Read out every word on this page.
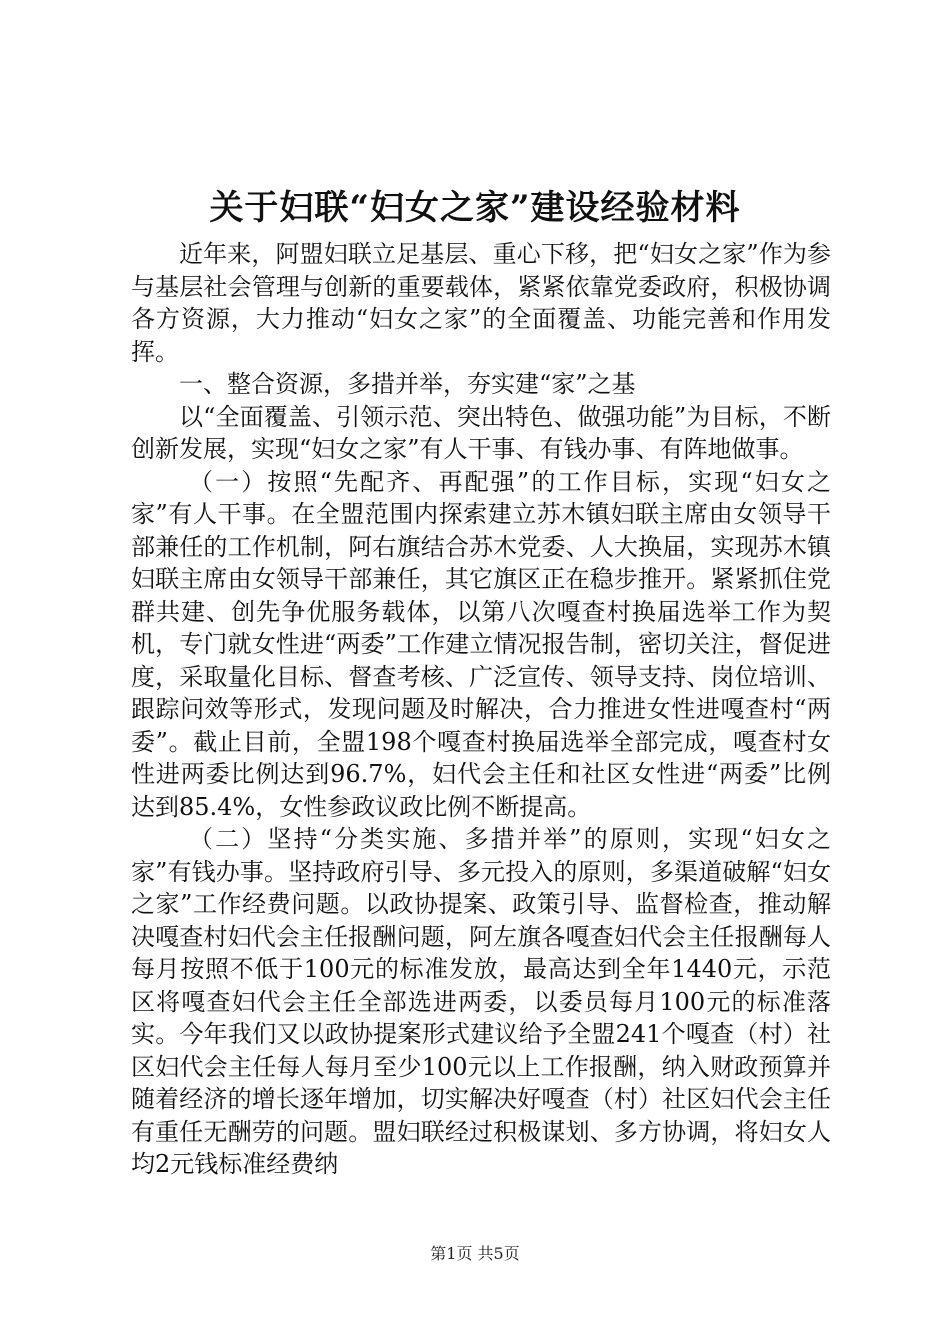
关于妇联“妇女之家”建设经验材料

近年来，阿盟妇联立足基层、重心下移，把“妇女之家”作为参与基层社会管理与创新的重要载体，紧紧依靠党委政府，积极协调各方资源，大力推动“妇女之家”的全面覆盖、功能完善和作用发挥。

一、整合资源，多措并举，夯实建“家”之基

以“全面覆盖、引领示范、突出特色、做强功能”为目标，不断创新发展，实现“妇女之家”有人干事、有钱办事、有阵地做事。

（一）按照“先配齐、再配强”的工作目标，实现“妇女之家”有人干事。在全盟范围内探索建立苏木镇妇联主席由女领导干部兼任的工作机制，阿右旗结合苏木党委、人大换届，实现苏木镇妇联主席由女领导干部兼任，其它旗区正在稳步推开。紧紧抓住党群共建、创先争优服务载体，以第八次嘎查村换届选举工作为契机，专门就女性进“两委”工作建立情况报告制，密切关注，督促进度，采取量化目标、督查考核、广泛宣传、领导支持、岗位培训、跟踪问效等形式，发现问题及时解决，合力推进女性进嘎查村“两委”。截止目前，全盟198个嘎查村换届选举全部完成，嘎查村女性进两委比例达到96.7%，妇代会主任和社区女性进“两委”比例达到85.4%，女性参政议政比例不断提高。

（二）坚持“分类实施、多措并举”的原则，实现“妇女之家”有钱办事。坚持政府引导、多元投入的原则，多渠道破解“妇女之家”工作经费问题。以政协提案、政策引导、监督检查，推动解决嘎查村妇代会主任报酬问题，阿左旗各嘎查妇代会主任报酬每人每月按照不低于100元的标准发放，最高达到全年1440元，示范区将嘎查妇代会主任全部选进两委，以委员每月100元的标准落实。今年我们又以政协提案形式建议给予全盟241个嘎查（村）社区妇代会主任每人每月至少100元以上工作报酬，纳入财政预算并随着经济的增长逐年增加，切实解决好嘎查（村）社区妇代会主任有重任无酬劳的问题。盟妇联经过积极谋划、多方协调，将妇女人均2元钱标准经费纳

第1页 共5页
